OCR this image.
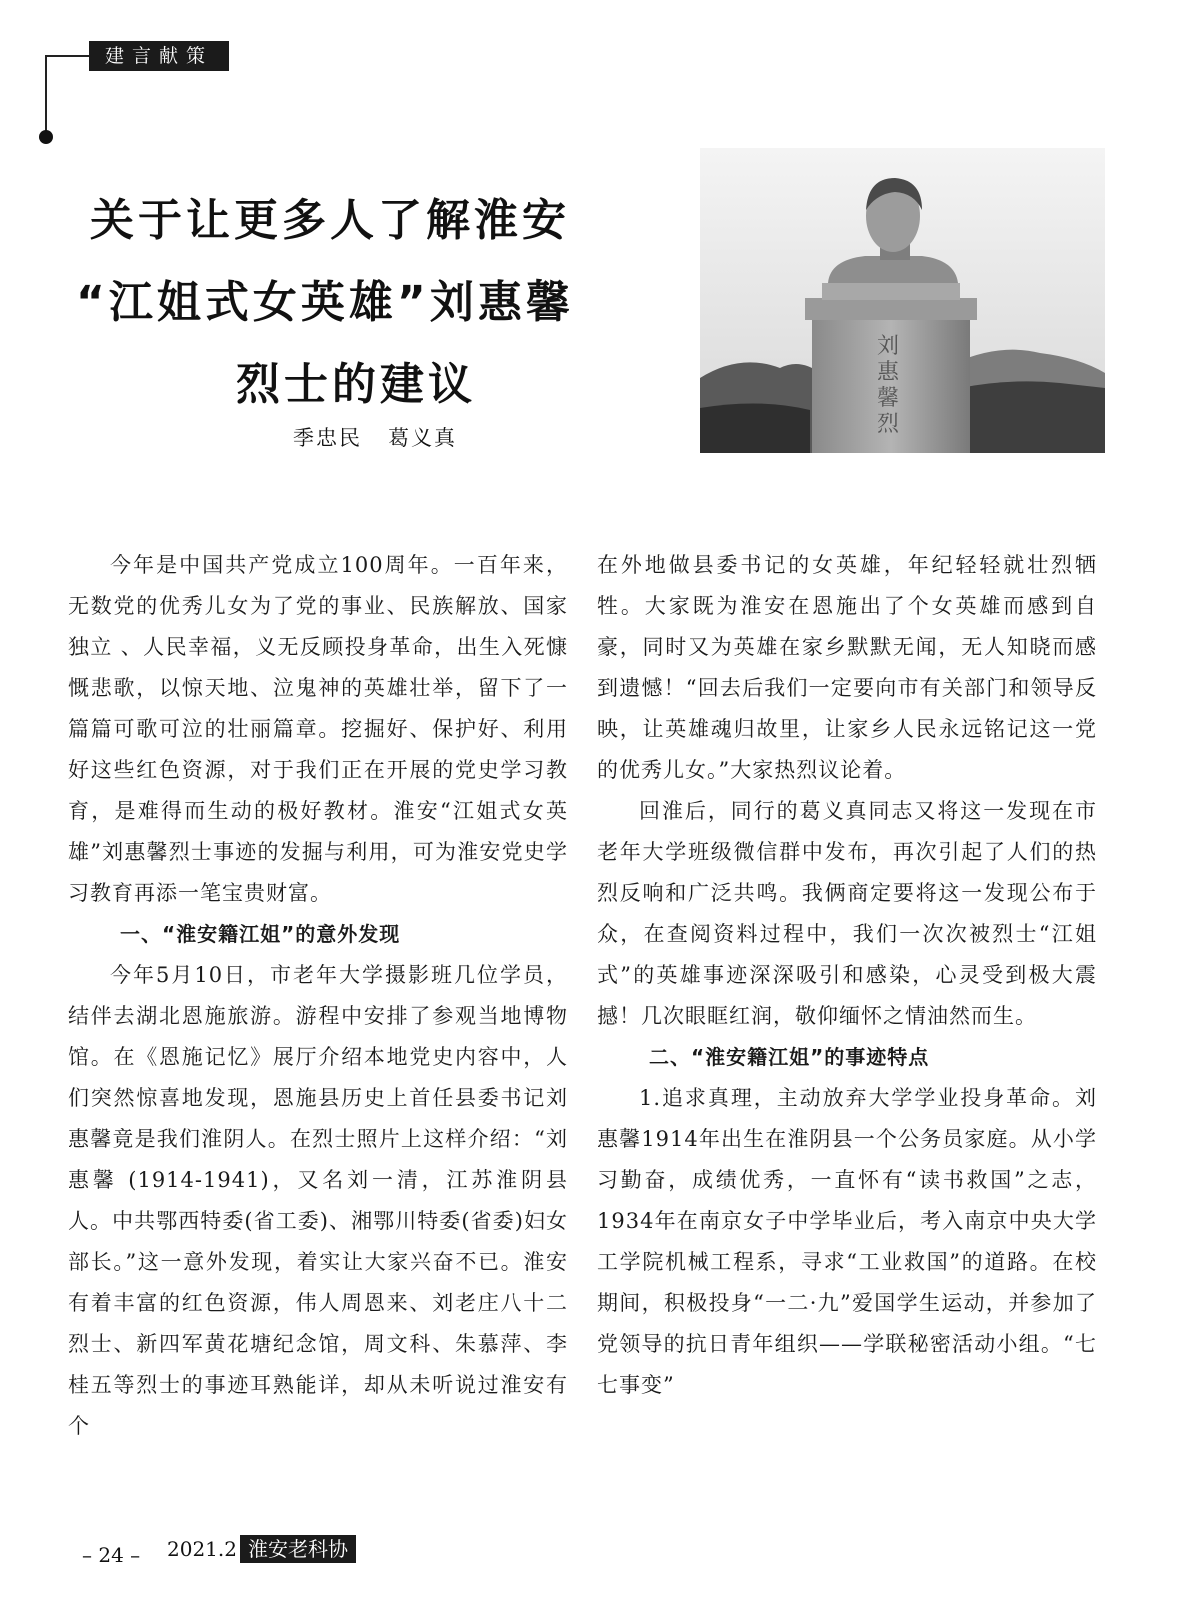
建言献策
关于让更多人了解淮安
“江姐式女英雄”刘惠馨
烈士的建议
季忠民 葛义真
刘惠馨烈

今年是中国共产党成立100周年。一百年来，无数党的优秀儿女为了党的事业、民族解放、国家独立 、人民幸福，义无反顾投身革命，出生入死慷慨悲歌，以惊天地、泣鬼神的英雄壮举，留下了一篇篇可歌可泣的壮丽篇章。挖掘好、保护好、利用好这些红色资源，对于我们正在开展的党史学习教育，是难得而生动的极好教材。淮安“江姐式女英雄”刘惠馨烈士事迹的发掘与利用，可为淮安党史学习教育再添一笔宝贵财富。

一、“淮安籍江姐”的意外发现

今年5月10日，市老年大学摄影班几位学员，结伴去湖北恩施旅游。游程中安排了参观当地博物馆。在《恩施记忆》展厅介绍本地党史内容中，人们突然惊喜地发现，恩施县历史上首任县委书记刘惠馨竟是我们淮阴人。在烈士照片上这样介绍：“刘惠馨 (1914-1941)，又名刘一清，江苏淮阴县人。中共鄂西特委(省工委)、湘鄂川特委(省委)妇女部长。”这一意外发现，着实让大家兴奋不已。淮安有着丰富的红色资源，伟人周恩来、刘老庄八十二烈士、新四军黄花塘纪念馆，周文科、朱慕萍、李桂五等烈士的事迹耳熟能详，却从未听说过淮安有个

在外地做县委书记的女英雄，年纪轻轻就壮烈牺牲。大家既为淮安在恩施出了个女英雄而感到自豪，同时又为英雄在家乡默默无闻，无人知晓而感到遗憾！“回去后我们一定要向市有关部门和领导反映，让英雄魂归故里，让家乡人民永远铭记这一党的优秀儿女。”大家热烈议论着。

回淮后，同行的葛义真同志又将这一发现在市老年大学班级微信群中发布，再次引起了人们的热烈反响和广泛共鸣。我俩商定要将这一发现公布于众，在查阅资料过程中，我们一次次被烈士“江姐式”的英雄事迹深深吸引和感染，心灵受到极大震撼！几次眼眶红润，敬仰缅怀之情油然而生。

二、“淮安籍江姐”的事迹特点

1.追求真理，主动放弃大学学业投身革命。刘惠馨1914年出生在淮阴县一个公务员家庭。从小学习勤奋，成绩优秀，一直怀有“读书救国”之志，1934年在南京女子中学毕业后，考入南京中央大学工学院机械工程系，寻求“工业救国”的道路。在校期间，积极投身“一二·九”爱国学生运动，并参加了党领导的抗日青年组织——学联秘密活动小组。“七七事变”

– 24 – 2021.2 淮安老科协
